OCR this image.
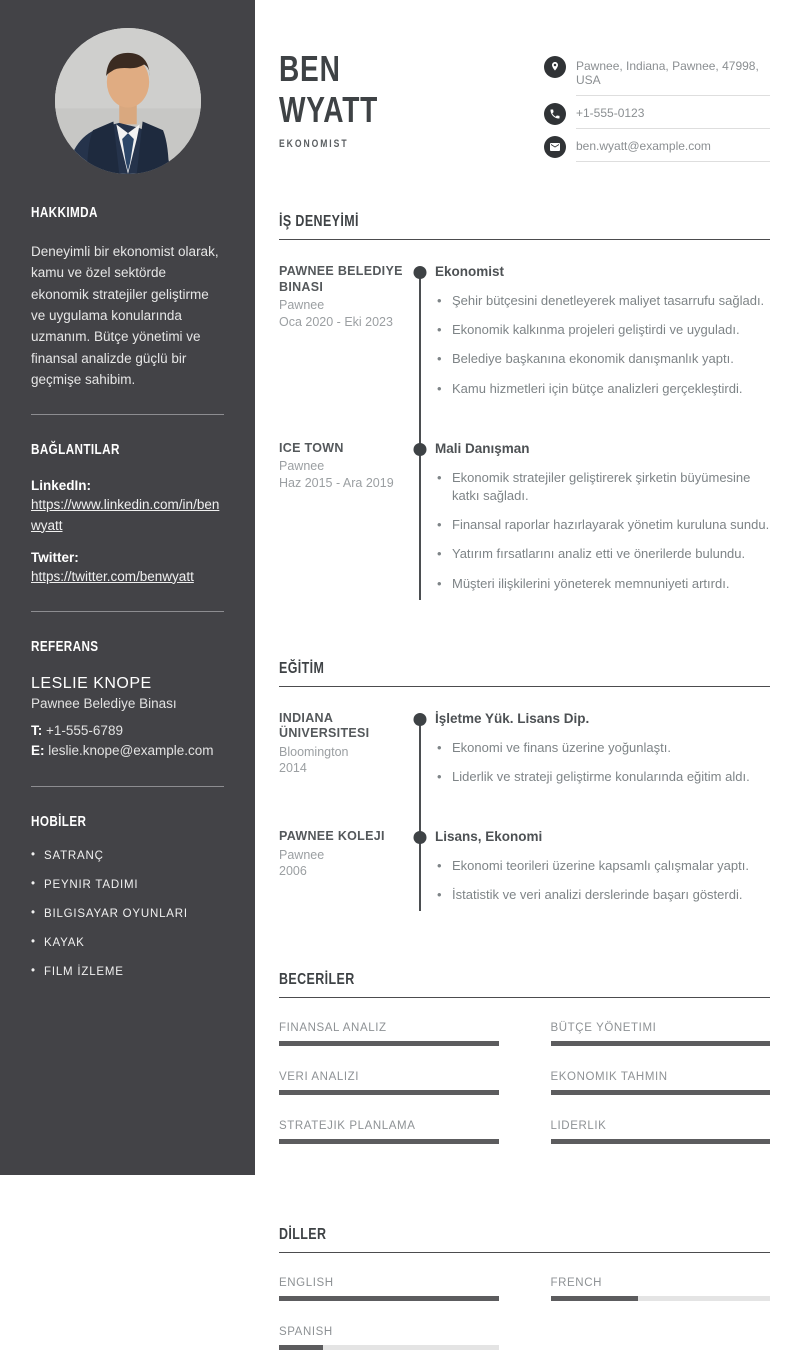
HAKKIMDA

Deneyimli bir ekonomist olarak, kamu ve özel sektörde ekonomik stratejiler geliştirme ve uygulama konularında uzmanım. Bütçe yönetimi ve finansal analizde güçlü bir geçmişe sahibim.

BAĞLANTILAR
LinkedIn:
https://www.linkedin.com/in/benwyatt
Twitter:
https://twitter.com/benwyatt
REFERANS
LESLIE KNOPE
Pawnee Belediye Binası
T: +1-555-6789
E: leslie.knope@example.com
HOBİLER
SATRANÇ
PEYNIR TADIMI
BILGISAYAR OYUNLARI
KAYAK
FILM İZLEME
BEN
WYATT
EKONOMIST
Pawnee, Indiana, Pawnee, 47998, USA
+1-555-0123
ben.wyatt@example.com
İŞ DENEYİMİ
PAWNEE BELEDIYE BINASI
Pawnee
Oca 2020 - Eki 2023
Ekonomist
• Şehir bütçesini denetleyerek maliyet tasarrufu sağladı.
• Ekonomik kalkınma projeleri geliştirdi ve uyguladı.
• Belediye başkanına ekonomik danışmanlık yaptı.
• Kamu hizmetleri için bütçe analizleri gerçekleştirdi.
ICE TOWN
Pawnee
Haz 2015 - Ara 2019
Mali Danışman
• Ekonomik stratejiler geliştirerek şirketin büyümesine katkı sağladı.
• Finansal raporlar hazırlayarak yönetim kuruluna sundu.
• Yatırım fırsatlarını analiz etti ve önerilerde bulundu.
• Müşteri ilişkilerini yöneterek memnuniyeti artırdı.
EĞİTİM
INDIANA ÜNIVERSITESI
Bloomington
2014
İşletme Yük. Lisans Dip.
• Ekonomi ve finans üzerine yoğunlaştı.
• Liderlik ve strateji geliştirme konularında eğitim aldı.
PAWNEE KOLEJI
Pawnee
2006
Lisans, Ekonomi
• Ekonomi teorileri üzerine kapsamlı çalışmalar yaptı.
• İstatistik ve veri analizi derslerinde başarı gösterdi.
BECERİLER
FINANSAL ANALIZ	BÜTÇE YÖNETIMI
VERI ANALIZI	EKONOMIK TAHMIN
STRATEJIK PLANLAMA	LIDERLIK
DİLLER
ENGLISH	FRENCH
SPANISH
